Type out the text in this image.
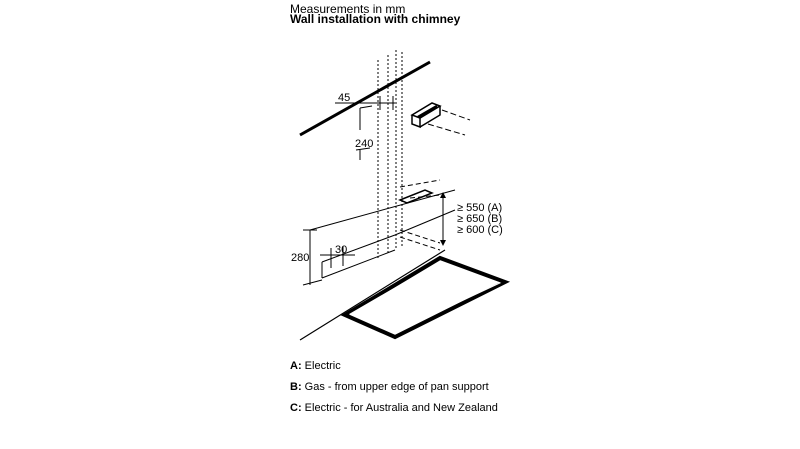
Measurements in mm
Wall installation with chimney
45
240
280
30
≥ 550 (A)
≥ 650 (B)
≥ 600 (C)
A: Electric
B: Gas - from upper edge of pan support
C: Electric - for Australia and New Zealand
